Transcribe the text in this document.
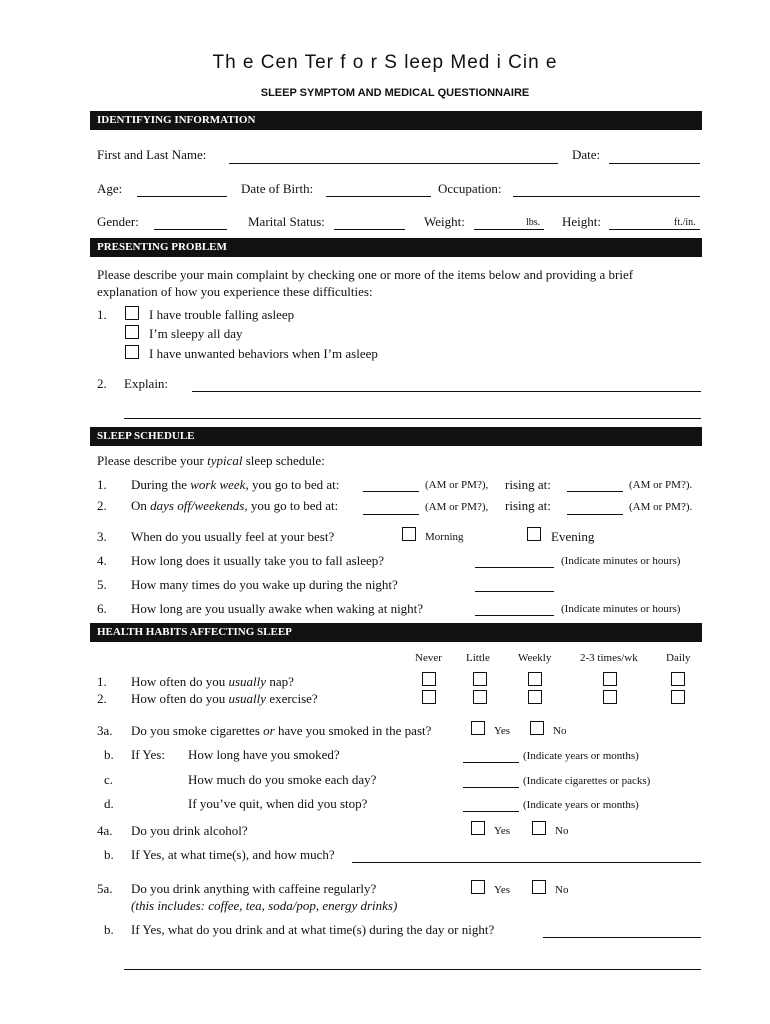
Th e Cen Ter f o r S leep Med i Cin e
SLEEP SYMPTOM AND MEDICAL QUESTIONNAIRE
IDENTIFYING INFORMATION
First and Last Name:	Date:
Age:	Date of Birth:	Occupation:
Gender:	Marital Status:	Weight:	lbs. Height:	ft./in.
PRESENTING PROBLEM
Please describe your main complaint by checking one or more of the items below and providing a brief
explanation of how you experience these difficulties:
1.	I have trouble falling asleep
I’m sleepy all day
I have unwanted behaviors when I’m asleep
2. Explain:
SLEEP SCHEDULE
Please describe your typical sleep schedule:
1. During the work week, you go to bed at:	(AM or PM?), rising at:	(AM or PM?).
2. On days off/weekends, you go to bed at:	(AM or PM?), rising at:	(AM or PM?).
3. When do you usually feel at your best?	Morning	Evening
4. How long does it usually take you to fall asleep?	(Indicate minutes or hours)
5. How many times do you wake up during the night?
6. How long are you usually awake when waking at night?	(Indicate minutes or hours)
HEALTH HABITS AFFECTING SLEEP
Never Little	Weekly	2-3 times/wk	Daily
1. How often do you usually nap?
2. How often do you usually exercise?
3a. Do you smoke cigarettes or have you smoked in the past?	Yes	No
b. If Yes: How long have you smoked?	(Indicate years or months)
c.	How much do you smoke each day?	(Indicate cigarettes or packs)
d.	If you’ve quit, when did you stop?	(Indicate years or months)
4a. Do you drink alcohol?	Yes	No
b. If Yes, at what time(s), and how much?
5a. Do you drink anything with caffeine regularly?
(this includes: coffee, tea, soda/pop, energy drinks)
Yes	No
b. If Yes, what do you drink and at what time(s) during the day or night?
